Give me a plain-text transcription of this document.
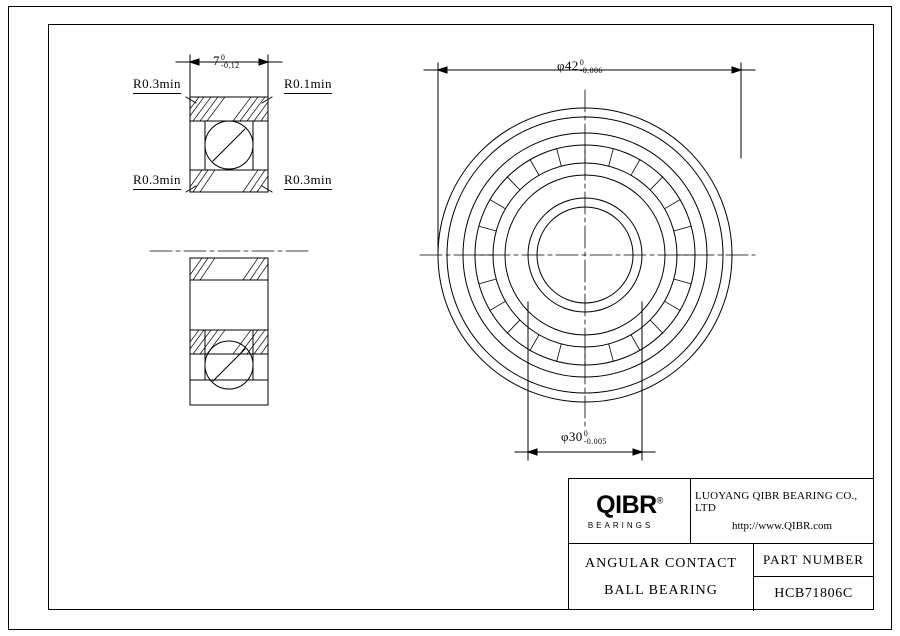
7 0
-0.12
R0.3min	R0.1min
R0.3min	R0.3min
φ42 0
-0.006
φ30 0
-0.005
QIBR®
BEARINGS
LUOYANG QIBR BEARING CO., LTD
http://www.QIBR.com
ANGULAR CONTACT
BALL BEARING
PART NUMBER
HCB71806C
